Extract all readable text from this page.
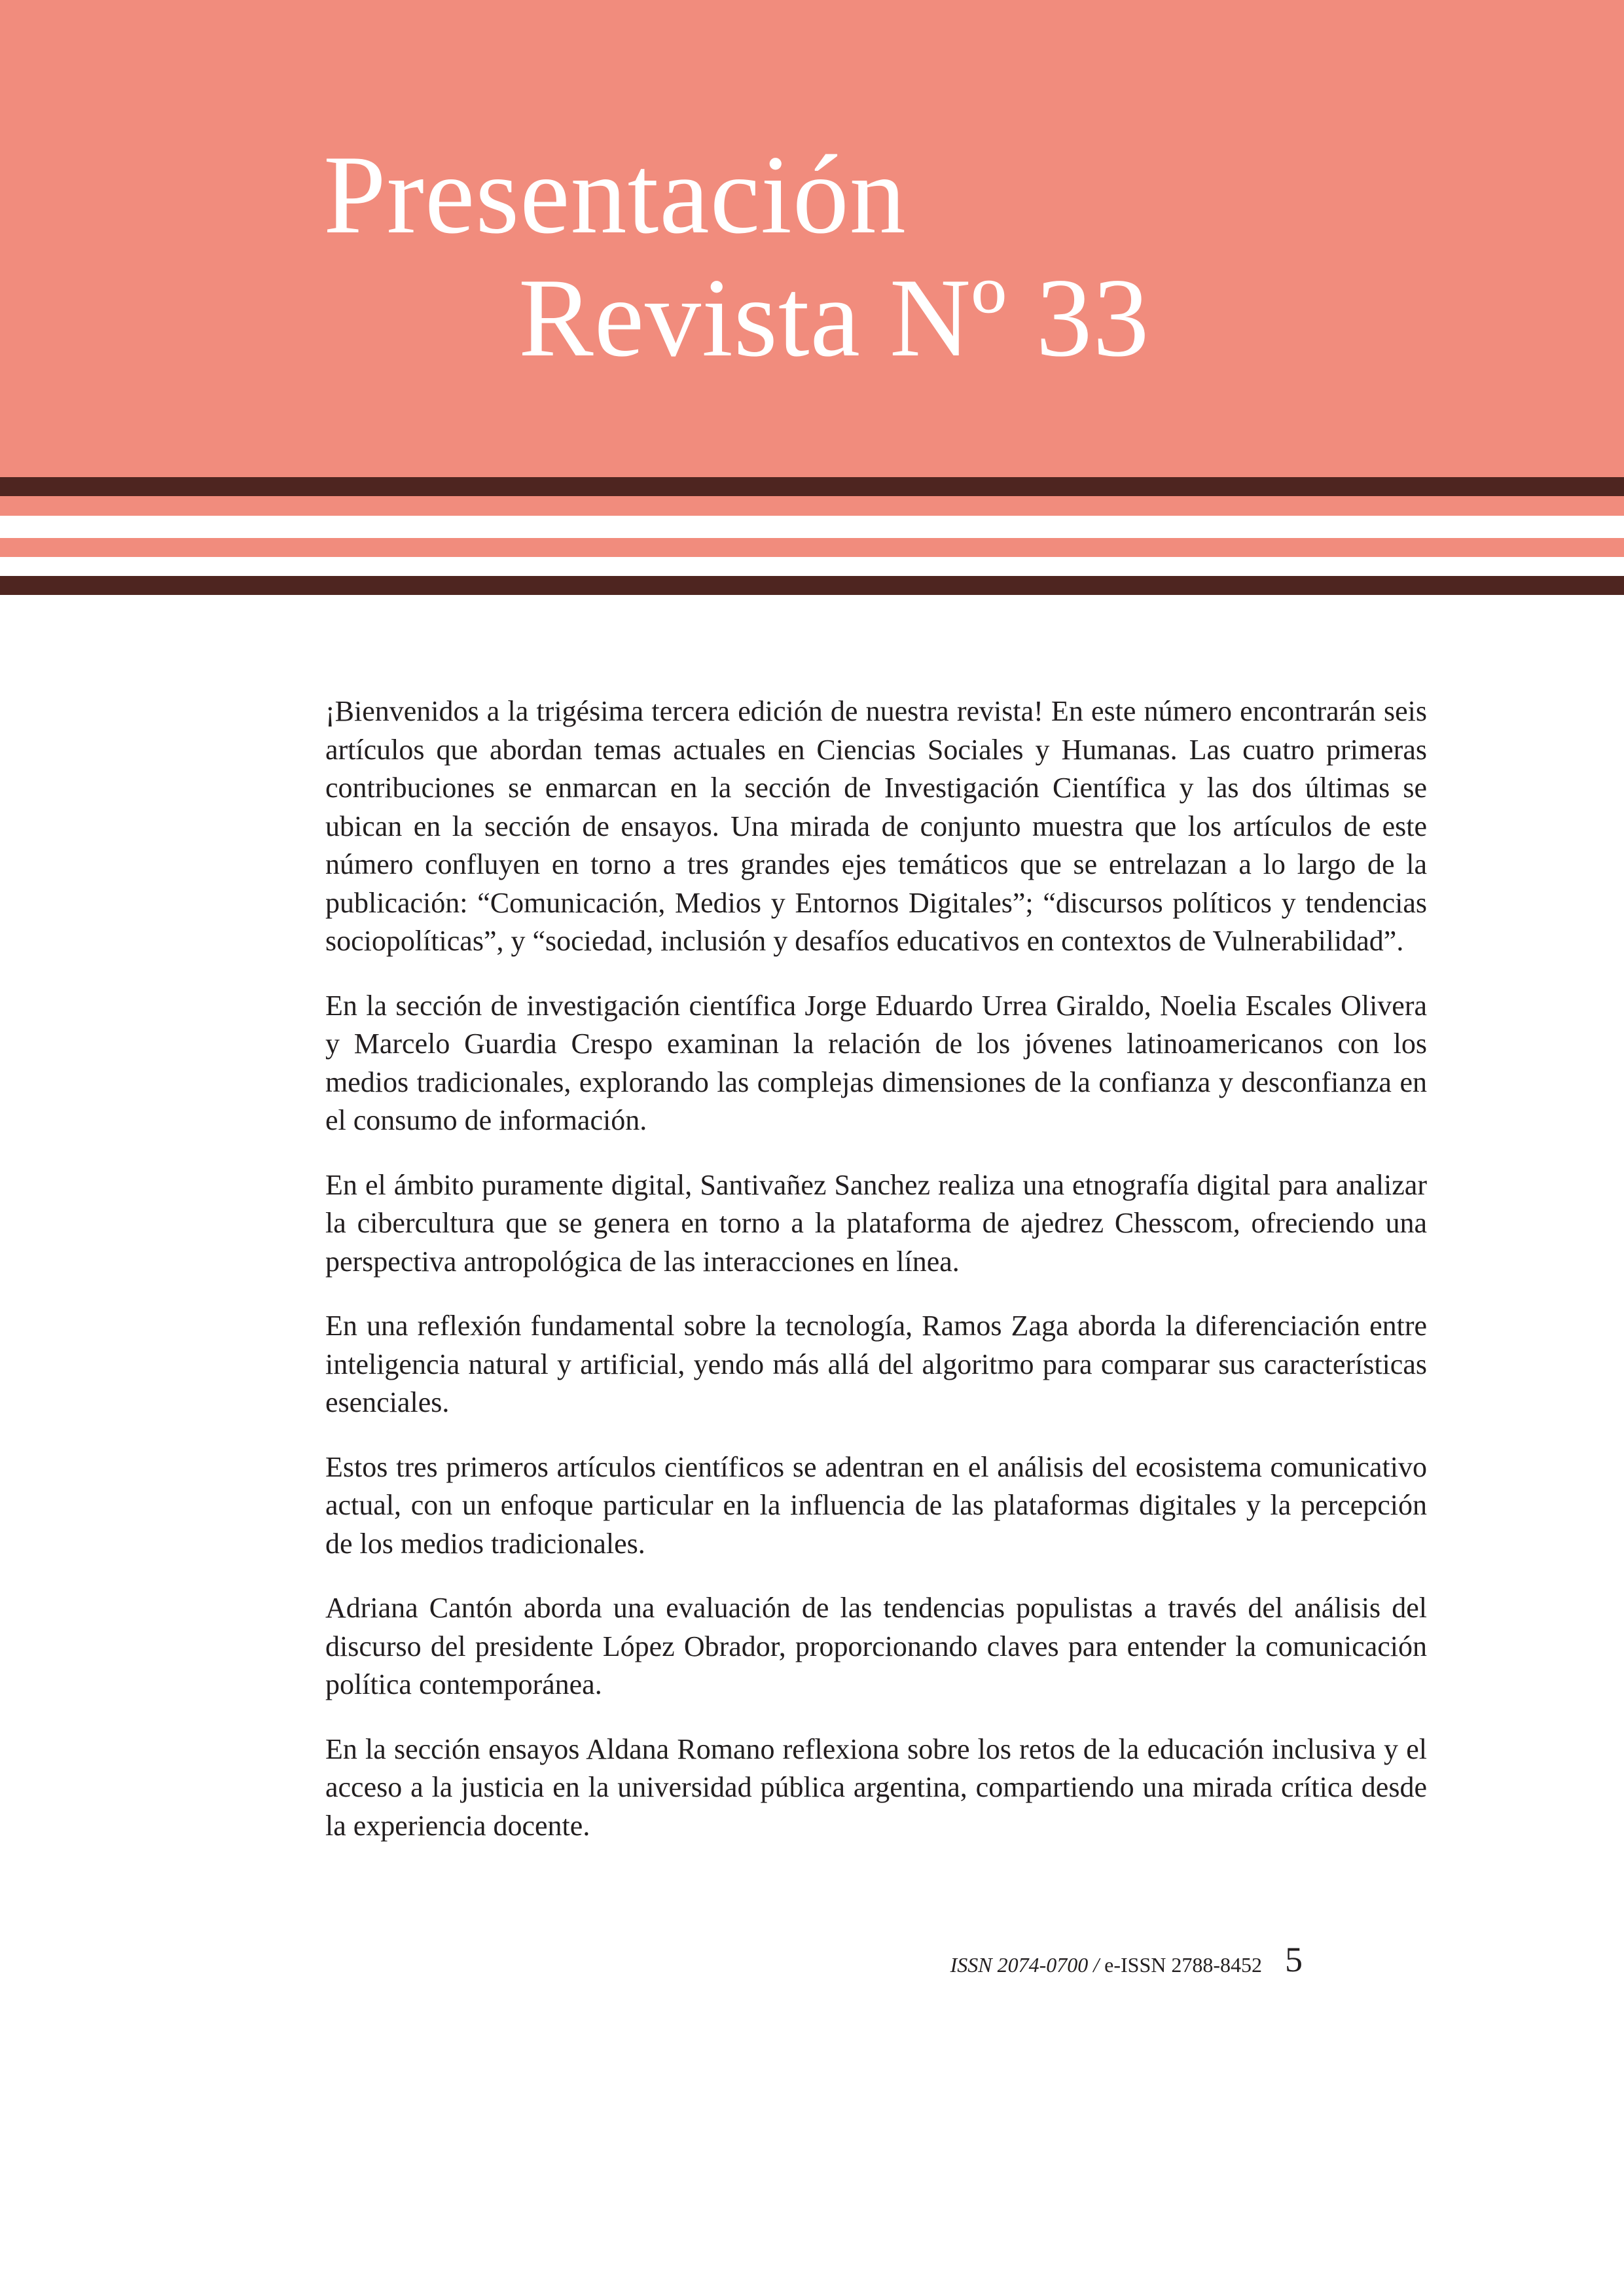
Presentación
Revista Nº 33

¡Bienvenidos a la trigésima tercera edición de nuestra revista! En este número encontrarán seis artículos que abordan temas actuales en Ciencias Sociales y Humanas. Las cuatro primeras contribuciones se enmarcan en la sección de Investigación Científica y las dos últimas se ubican en la sección de ensayos. Una mirada de conjunto muestra que los artículos de este número confluyen en torno a tres grandes ejes temáticos que se entrelazan a lo largo de la publicación: “Comunicación, Medios y Entornos Digitales”; “discursos políticos y tendencias sociopolíticas”, y “sociedad, inclusión y desafíos educativos en contextos de Vulnerabilidad”.

En la sección de investigación científica Jorge Eduardo Urrea Giraldo, Noelia Escales Olivera y Marcelo Guardia Crespo examinan la relación de los jóvenes latinoamericanos con los medios tradicionales, explorando las complejas dimensiones de la confianza y desconfianza en el consumo de información.

En el ámbito puramente digital, Santivañez Sanchez realiza una etnografía digital para analizar la cibercultura que se genera en torno a la plataforma de ajedrez Chesscom, ofreciendo una perspectiva antropológica de las interacciones en línea.

En una reflexión fundamental sobre la tecnología, Ramos Zaga aborda la diferenciación entre inteligencia natural y artificial, yendo más allá del algoritmo para comparar sus características esenciales.

Estos tres primeros artículos científicos se adentran en el análisis del ecosistema comunicativo actual, con un enfoque particular en la influencia de las plataformas digitales y la percepción de los medios tradicionales.

Adriana Cantón aborda una evaluación de las tendencias populistas a través del análisis del discurso del presidente López Obrador, proporcionando claves para entender la comunicación política contemporánea.

En la sección ensayos Aldana Romano reflexiona sobre los retos de la educación inclusiva y el acceso a la justicia en la universidad pública argentina, compartiendo una mirada crítica desde la experiencia docente.

ISSN 2074-0700 / e-ISSN 2788-8452 5
